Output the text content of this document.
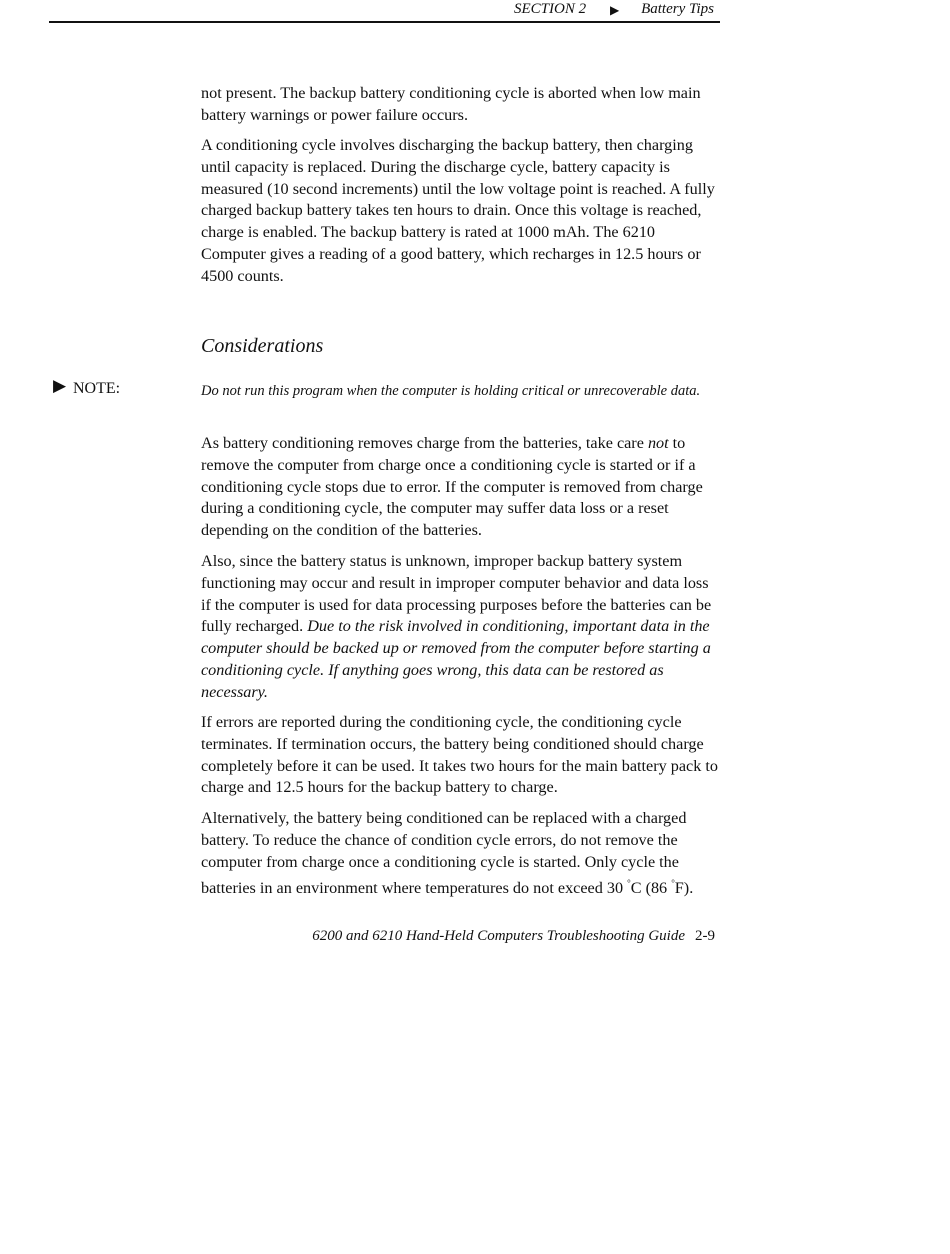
SECTION 2 ▶ Battery Tips

not present. The backup battery conditioning cycle is aborted when low main battery warnings or power failure occurs.

A conditioning cycle involves discharging the backup battery, then charging until capacity is replaced. During the discharge cycle, battery capacity is measured (10 second increments) until the low voltage point is reached. A fully charged backup battery takes ten hours to drain. Once this voltage is reached, charge is enabled. The backup battery is rated at 1000 mAh. The 6210 Computer gives a reading of a good battery, which recharges in 12.5 hours or 4500 counts.

Considerations
▶ NOTE:	Do not run this program when the computer is holding critical or unrecoverable data.

As battery conditioning removes charge from the batteries, take care not to remove the computer from charge once a conditioning cycle is started or if a conditioning cycle stops due to error. If the computer is removed from charge during a conditioning cycle, the computer may suffer data loss or a reset depending on the condition of the batteries.

Also, since the battery status is unknown, improper backup battery system functioning may occur and result in improper computer behavior and data loss if the computer is used for data processing purposes before the batteries can be fully recharged. Due to the risk involved in conditioning, important data in the computer should be backed up or removed from the computer before starting a conditioning cycle. If anything goes wrong, this data can be restored as necessary.

If errors are reported during the conditioning cycle, the conditioning cycle terminates. If termination occurs, the battery being conditioned should charge completely before it can be used. It takes two hours for the main battery pack to charge and 12.5 hours for the backup battery to charge.

Alternatively, the battery being conditioned can be replaced with a charged battery. To reduce the chance of condition cycle errors, do not remove the computer from charge once a conditioning cycle is started. Only cycle the batteries in an environment where temperatures do not exceed 30 °C (86 °F).

6200 and 6210 Hand-Held Computers Troubleshooting Guide 2-9
